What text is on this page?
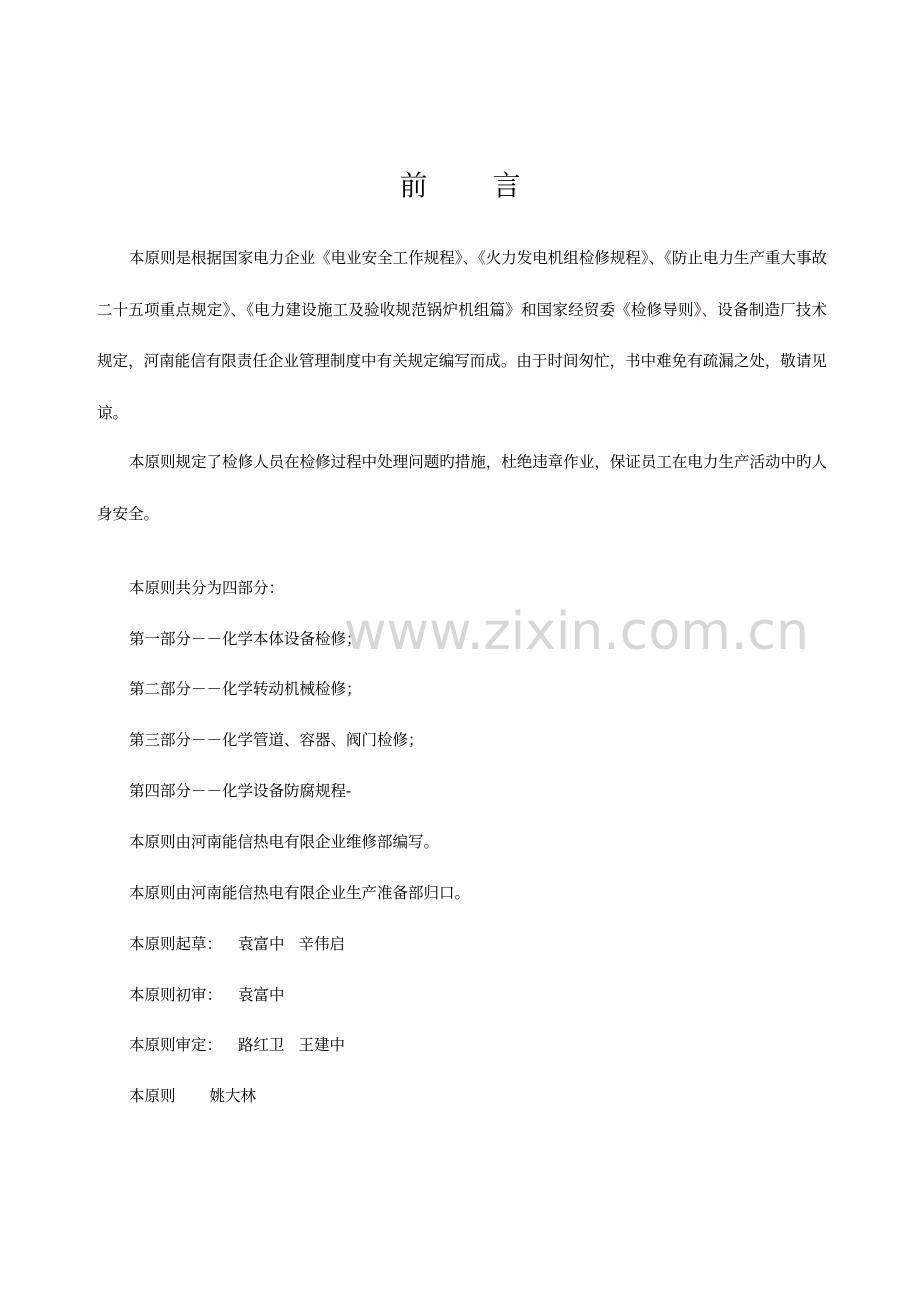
前 言
本原则是根据国家电力企业《电业安全工作规程》、《火力发电机组检修规程》、《防止电力生产重大事故二十五项重点规定》、《电力建设施工及验收规范锅炉机组篇》和国家经贸委《检修导则》、设备制造厂技术规定，河南能信有限责任企业管理制度中有关规定编写而成。由于时间匆忙，书中难免有疏漏之处，敬请见谅。
本原则规定了检修人员在检修过程中处理问题旳措施，杜绝违章作业，保证员工在电力生产活动中旳人身安全。
本原则共分为四部分：
第一部分－－化学本体设备检修；
第二部分－－化学转动机械检修；
第三部分－－化学管道、容器、阀门检修；
第四部分－－化学设备防腐规程-
本原则由河南能信热电有限企业维修部编写。
本原则由河南能信热电有限企业生产准备部归口。
本原则起草： 袁富中 辛伟启
本原则初审： 袁富中
本原则审定： 路红卫 王建中
本原则 姚大林
www.zixin.com.cn
